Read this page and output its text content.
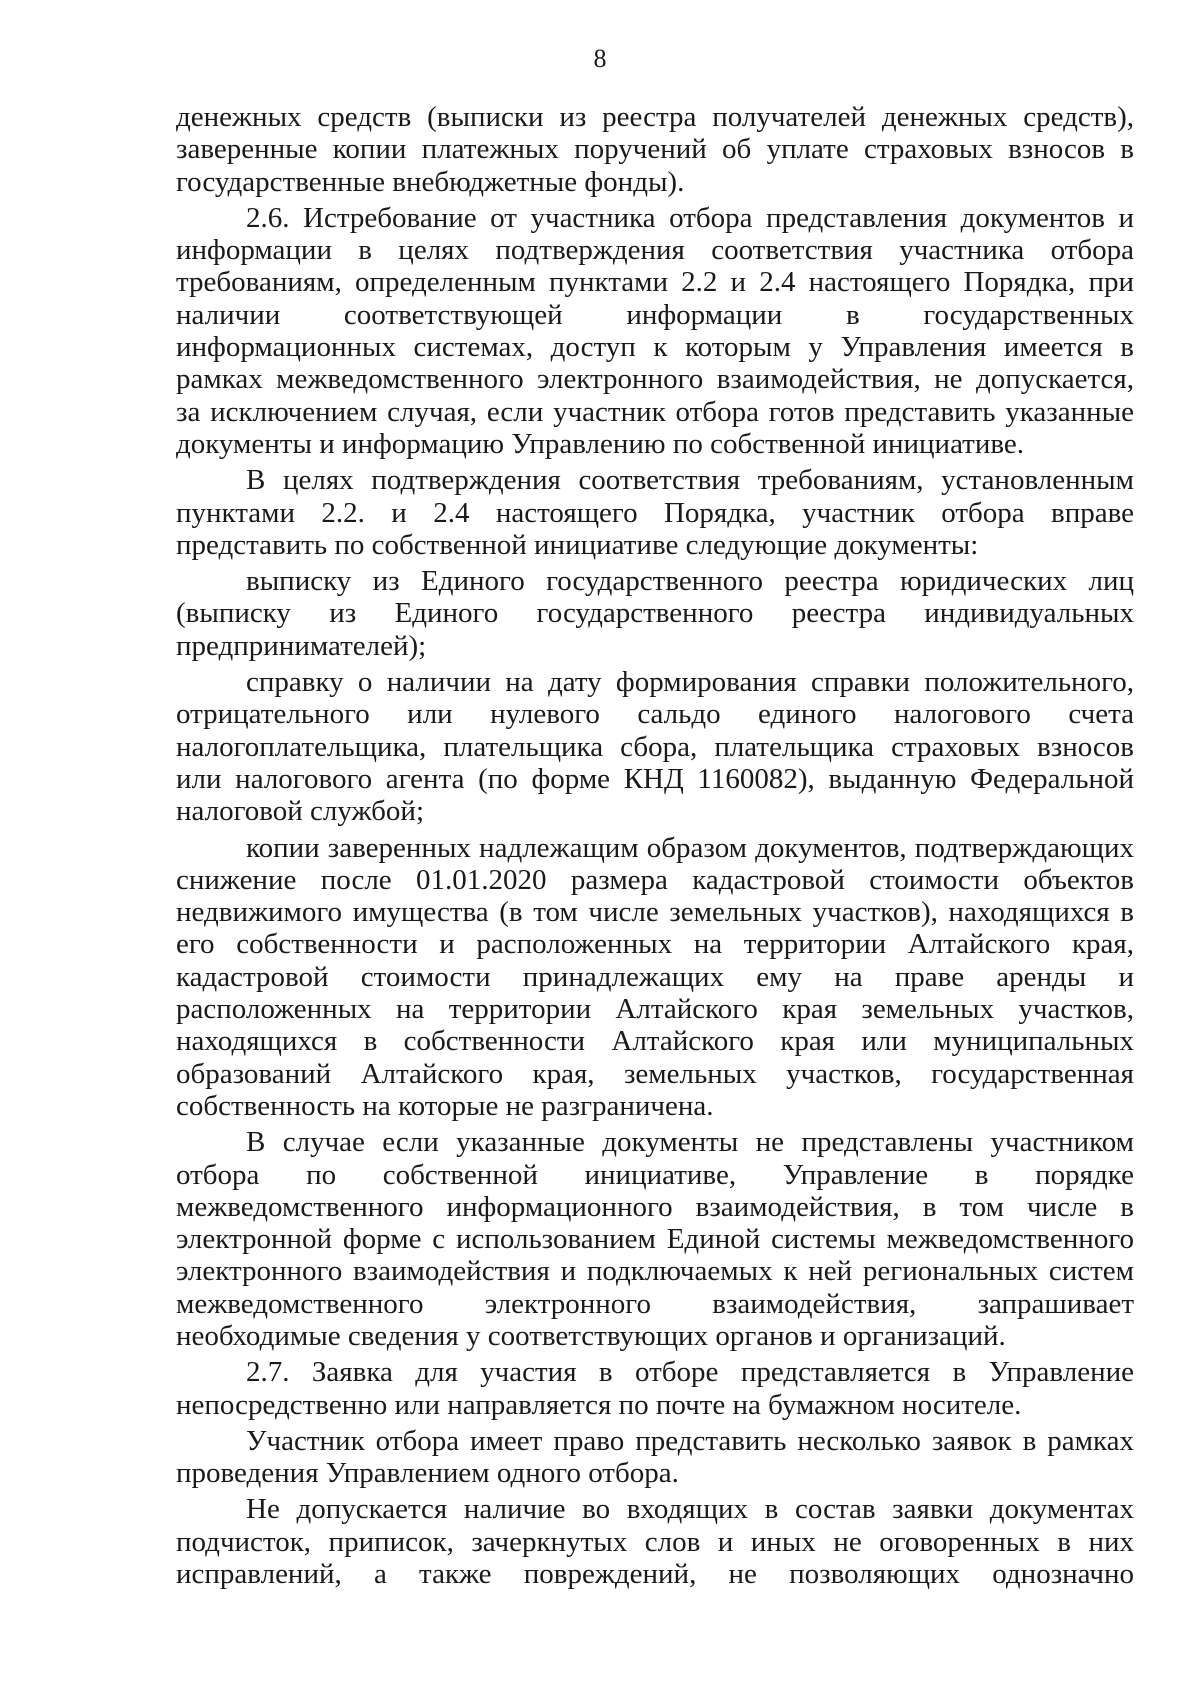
8

денежных средств (выписки из реестра получателей денежных средств), заверенные копии платежных поручений об уплате страховых взносов в государственные внебюджетные фонды).

2.6. Истребование от участника отбора представления документов и информации в целях подтверждения соответствия участника отбора требованиям, определенным пунктами 2.2 и 2.4 настоящего Порядка, при наличии соответствующей информации в государственных информационных системах, доступ к которым у Управления имеется в рамках межведомственного электронного взаимодействия, не допускается, за исключением случая, если участник отбора готов представить указанные документы и информацию Управлению по собственной инициативе.

В целях подтверждения соответствия требованиям, установленным пунктами 2.2. и 2.4 настоящего Порядка, участник отбора вправе представить по собственной инициативе следующие документы:

выписку из Единого государственного реестра юридических лиц (выписку из Единого государственного реестра индивидуальных предпринимателей);

справку о наличии на дату формирования справки положительного, отрицательного или нулевого сальдо единого налогового счета налогоплательщика, плательщика сбора, плательщика страховых взносов или налогового агента (по форме КНД 1160082), выданную Федеральной налоговой службой;

копии заверенных надлежащим образом документов, подтверждающих снижение после 01.01.2020 размера кадастровой стоимости объектов недвижимого имущества (в том числе земельных участков), находящихся в его собственности и расположенных на территории Алтайского края, кадастровой стоимости принадлежащих ему на праве аренды и расположенных на территории Алтайского края земельных участков, находящихся в собственности Алтайского края или муниципальных образований Алтайского края, земельных участков, государственная собственность на которые не разграничена.

В случае если указанные документы не представлены участником отбора по собственной инициативе, Управление в порядке межведомственного информационного взаимодействия, в том числе в электронной форме с использованием Единой системы межведомственного электронного взаимодействия и подключаемых к ней региональных систем межведомственного электронного взаимодействия, запрашивает необходимые сведения у соответствующих органов и организаций.

2.7. Заявка для участия в отборе представляется в Управление непосредственно или направляется по почте на бумажном носителе.

Участник отбора имеет право представить несколько заявок в рамках проведения Управлением одного отбора.

Не допускается наличие во входящих в состав заявки документах подчисток, приписок, зачеркнутых слов и иных не оговоренных в них исправлений, а также повреждений, не позволяющих однозначно
